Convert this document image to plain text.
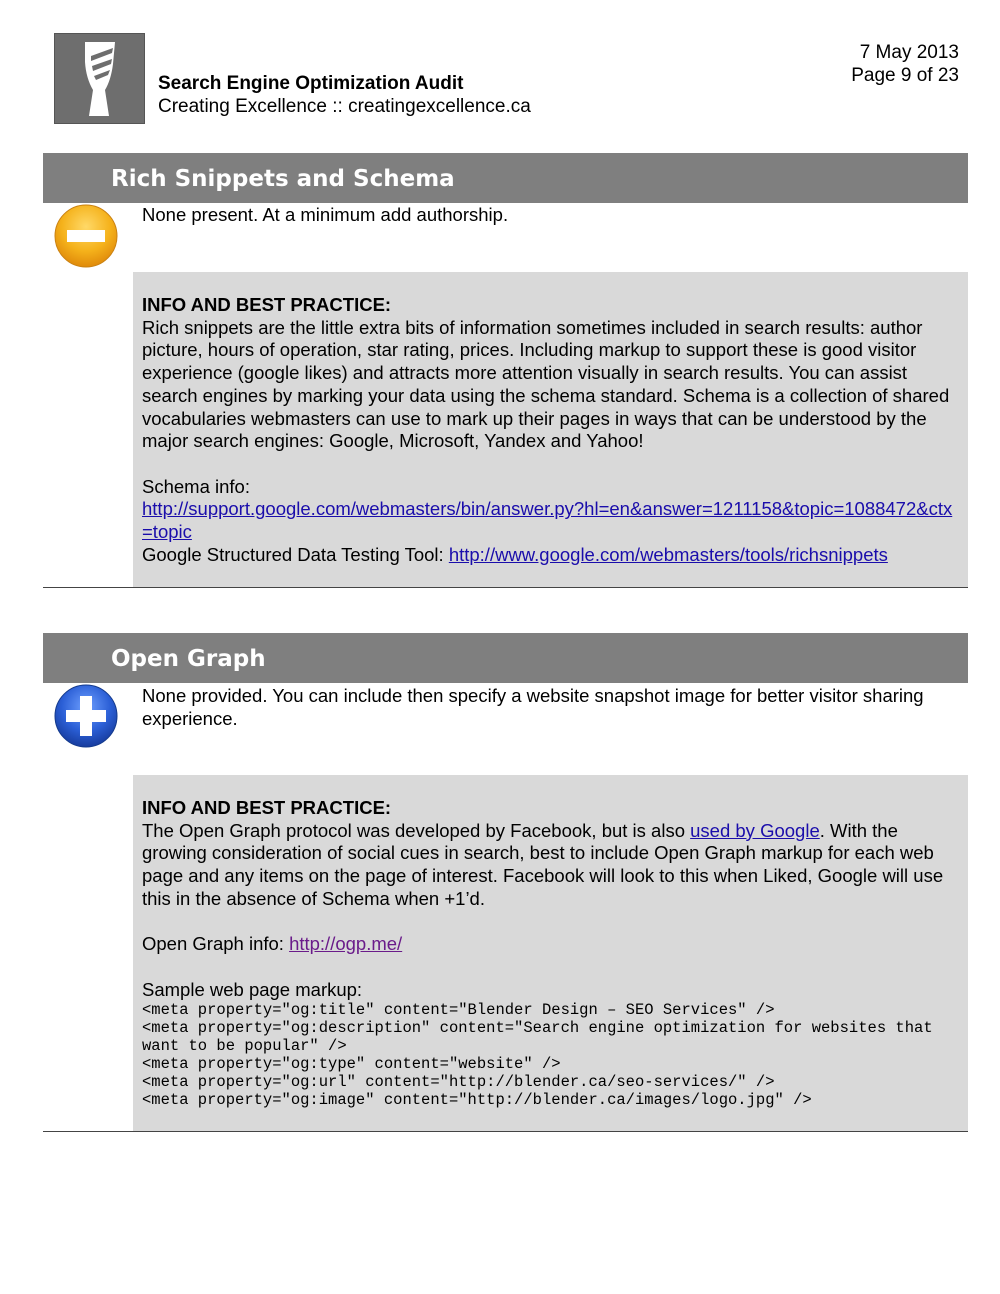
Search Engine Optimization Audit
Creating Excellence :: creatingexcellence.ca
7 May 2013
Page 9 of 23
Rich Snippets and Schema
None present. At a minimum add authorship.

INFO AND BEST PRACTICE:

Rich snippets are the little extra bits of information sometimes included in search results: author picture, hours of operation, star rating, prices. Including markup to support these is good visitor experience (google likes) and attracts more attention visually in search results. You can assist search engines by marking your data using the schema standard. Schema is a collection of shared vocabularies webmasters can use to mark up their pages in ways that can be understood by the major search engines: Google, Microsoft, Yandex and Yahoo!

Schema info:

http://support.google.com/webmasters/bin/answer.py?hl=en&answer=1211158&topic=1088472&ctx=topic

Google Structured Data Testing Tool: http://www.google.com/webmasters/tools/richsnippets

Open Graph
None provided. You can include then specify a website snapshot image for better visitor sharing experience.

INFO AND BEST PRACTICE:

The Open Graph protocol was developed by Facebook, but is also used by Google. With the growing consideration of social cues in search, best to include Open Graph markup for each web page and any items on the page of interest. Facebook will look to this when Liked, Google will use this in the absence of Schema when +1’d.

Open Graph info: http://ogp.me/

Sample web page markup:

<meta property="og:title" content="Blender Design – SEO Services" />

<meta property="og:description" content="Search engine optimization for websites that want to be popular" />

<meta property="og:type" content="website" />

<meta property="og:url" content="http://blender.ca/seo-services/" />

<meta property="og:image" content="http://blender.ca/images/logo.jpg" />
